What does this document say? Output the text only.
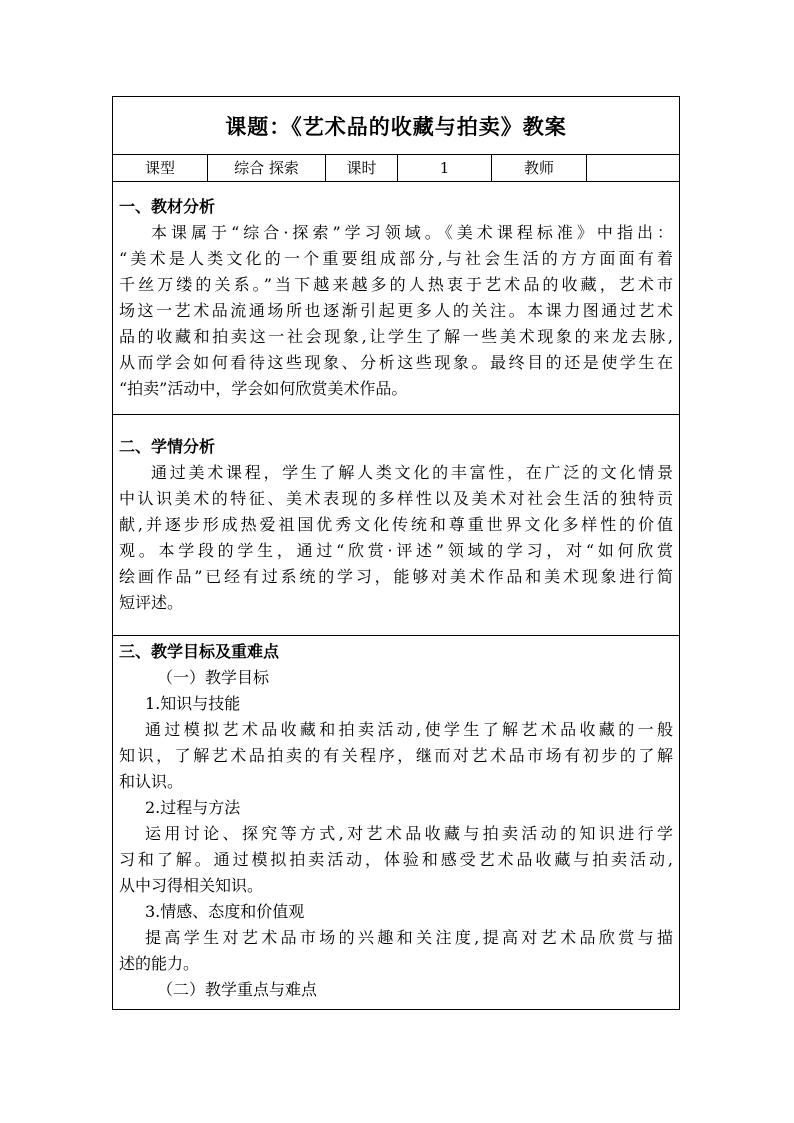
课题：《艺术品的收藏与拍卖》教案
课型	综合 探索	课时	1	教师
一、教材分析
本课属于“综合·探索”学习领域。《美术课程标准》中指出：
“美术是人类文化的一个重要组成部分,与社会生活的方方面面有着
千丝万缕的关系。”当下越来越多的人热衷于艺术品的收藏，艺术市
场这一艺术品流通场所也逐渐引起更多人的关注。本课力图通过艺术
品的收藏和拍卖这一社会现象,让学生了解一些美术现象的来龙去脉,
从而学会如何看待这些现象、分析这些现象。最终目的还是使学生在
“拍卖”活动中，学会如何欣赏美术作品。
二、学情分析
通过美术课程，学生了解人类文化的丰富性，在广泛的文化情景
中认识美术的特征、美术表现的多样性以及美术对社会生活的独特贡
献,并逐步形成热爱祖国优秀文化传统和尊重世界文化多样性的价值
观。本学段的学生，通过“欣赏·评述”领域的学习，对“如何欣赏
绘画作品”已经有过系统的学习，能够对美术作品和美术现象进行简
短评述。
三、教学目标及重难点
（一）教学目标
1.知识与技能
通过模拟艺术品收藏和拍卖活动,使学生了解艺术品收藏的一般
知识，了解艺术品拍卖的有关程序，继而对艺术品市场有初步的了解
和认识。
2.过程与方法
运用讨论、探究等方式,对艺术品收藏与拍卖活动的知识进行学
习和了解。通过模拟拍卖活动，体验和感受艺术品收藏与拍卖活动,
从中习得相关知识。
3.情感、态度和价值观
提高学生对艺术品市场的兴趣和关注度,提高对艺术品欣赏与描
述的能力。
（二）教学重点与难点
